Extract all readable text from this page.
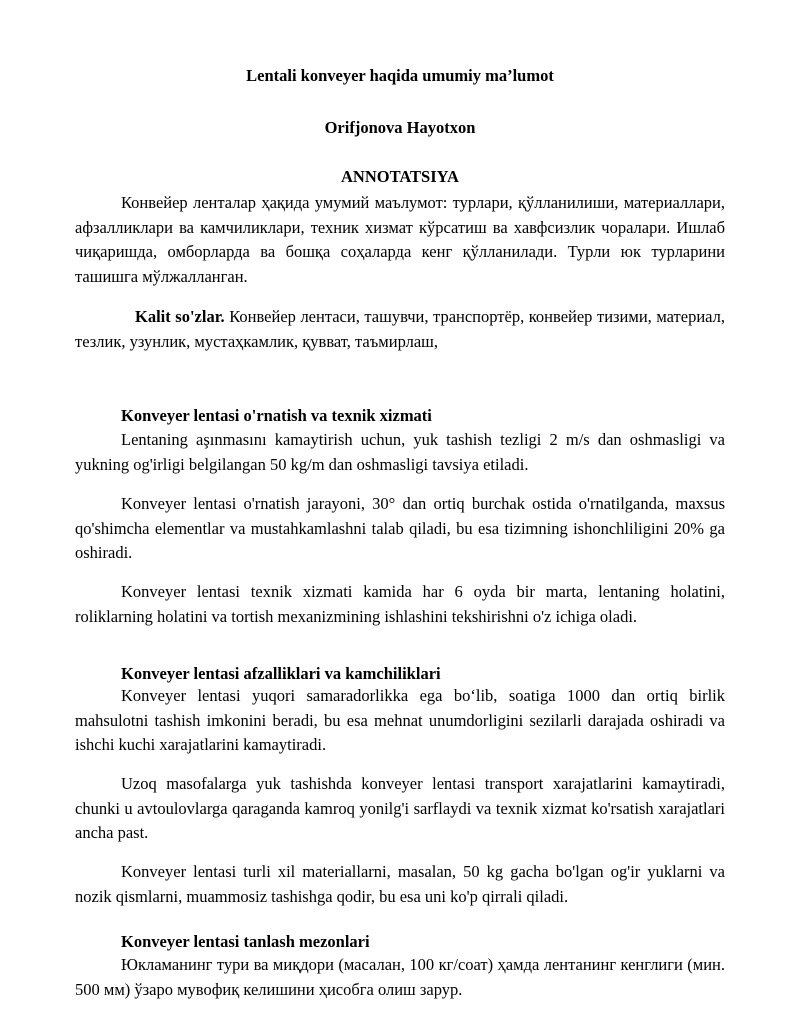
Lentali konveyer haqida umumiy ma’lumot
Orifjonova Hayotxon
ANNOTATSIYA

Конвейер ленталар ҳақида умумий маълумот: турлари, қўлланилиши, материаллари, афзалликлари ва камчиликлари, техник хизмат кўрсатиш ва хавфсизлик чоралари. Ишлаб чиқаришда, омборларда ва бошқа соҳаларда кенг қўлланилади. Турли юк турларини ташишга мўлжалланган.

Kalit so'zlar. Конвейер лентаси, ташувчи, транспортёр, конвейер тизими, материал, тезлик, узунлик, мустаҳкамлик, қувват, таъмирлаш,

Konveyer lentasi o'rnatish va texnik xizmati

Lentaning aşınmasını kamaytirish uchun, yuk tashish tezligi 2 m/s dan oshmasligi va yukning og'irligi belgilangan 50 kg/m dan oshmasligi tavsiya etiladi.

Konveyer lentasi o'rnatish jarayoni, 30° dan ortiq burchak ostida o'rnatilganda, maxsus qo'shimcha elementlar va mustahkamlashni talab qiladi, bu esa tizimning ishonchliligini 20% ga oshiradi.

Konveyer lentasi texnik xizmati kamida har 6 oyda bir marta, lentaning holatini, roliklarning holatini va tortish mexanizmining ishlashini tekshirishni o'z ichiga oladi.

Konveyer lentasi afzalliklari va kamchiliklari

Konveyer lentasi yuqori samaradorlikka ega bo‘lib, soatiga 1000 dan ortiq birlik mahsulotni tashish imkonini beradi, bu esa mehnat unumdorligini sezilarli darajada oshiradi va ishchi kuchi xarajatlarini kamaytiradi.

Uzoq masofalarga yuk tashishda konveyer lentasi transport xarajatlarini kamaytiradi, chunki u avtoulovlarga qaraganda kamroq yonilg'i sarflaydi va texnik xizmat ko'rsatish xarajatlari ancha past.

Konveyer lentasi turli xil materiallarni, masalan, 50 kg gacha bo'lgan og'ir yuklarni va nozik qismlarni, muammosiz tashishga qodir, bu esa uni ko'p qirrali qiladi.

Konveyer lentasi tanlash mezonlari

Юкламанинг тури ва миқдори (масалан, 100 кг/соат) ҳамда лентанинг кенглиги (мин. 500 мм) ўзаро мувофиқ келишини ҳисобга олиш зарур.
